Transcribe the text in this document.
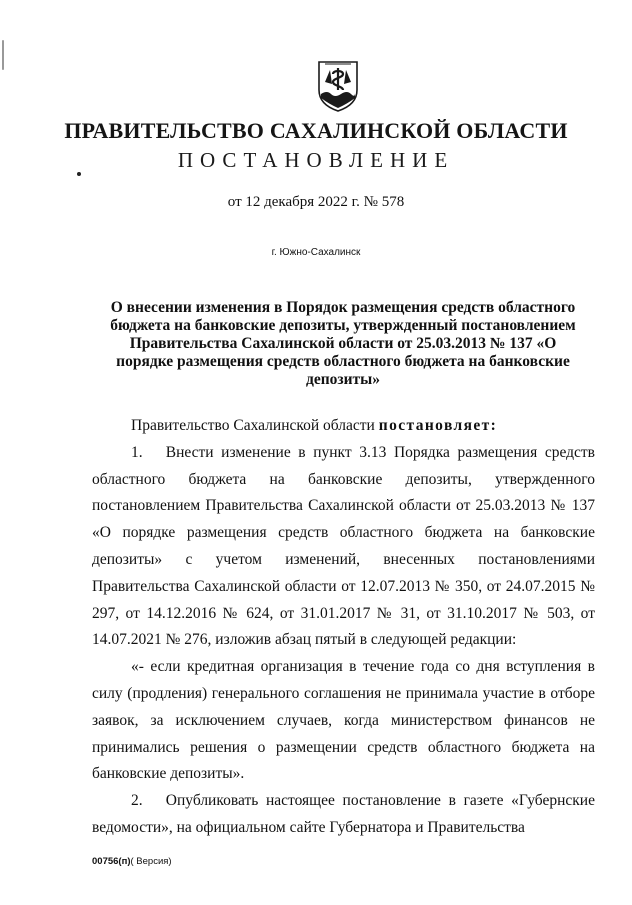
ПРАВИТЕЛЬСТВО САХАЛИНСКОЙ ОБЛАСТИ
ПОСТАНОВЛЕНИЕ
от 12 декабря 2022 г. № 578
г. Южно-Сахалинск
О внесении изменения в Порядок размещения средств областного бюджета на банковские депозиты, утвержденный постановлением Правительства Сахалинской области от 25.03.2013 № 137 «О порядке размещения средств областного бюджета на банковские депозиты»

Правительство Сахалинской области постановляет:

1.  Внести изменение в пункт 3.13 Порядка размещения средств областного бюджета на банковские депозиты, утвержденного постановлением Правительства Сахалинской области от 25.03.2013 № 137 «О порядке размещения средств областного бюджета на банковские депозиты» с учетом изменений, внесенных постановлениями Правительства Сахалинской области от 12.07.2013 № 350, от 24.07.2015 № 297, от 14.12.2016 № 624, от 31.01.2017 № 31, от 31.10.2017 № 503, от 14.07.2021 № 276, изложив абзац пятый в следующей редакции:

«- если кредитная организация в течение года со дня вступления в силу (продления) генерального соглашения не принимала участие в отборе заявок, за исключением случаев, когда министерством финансов не принимались решения о размещении средств областного бюджета на банковские депозиты».

2.  Опубликовать настоящее постановление в газете «Губернские ведомости», на официальном сайте Губернатора и Правительства

00756(п)( Версия)
